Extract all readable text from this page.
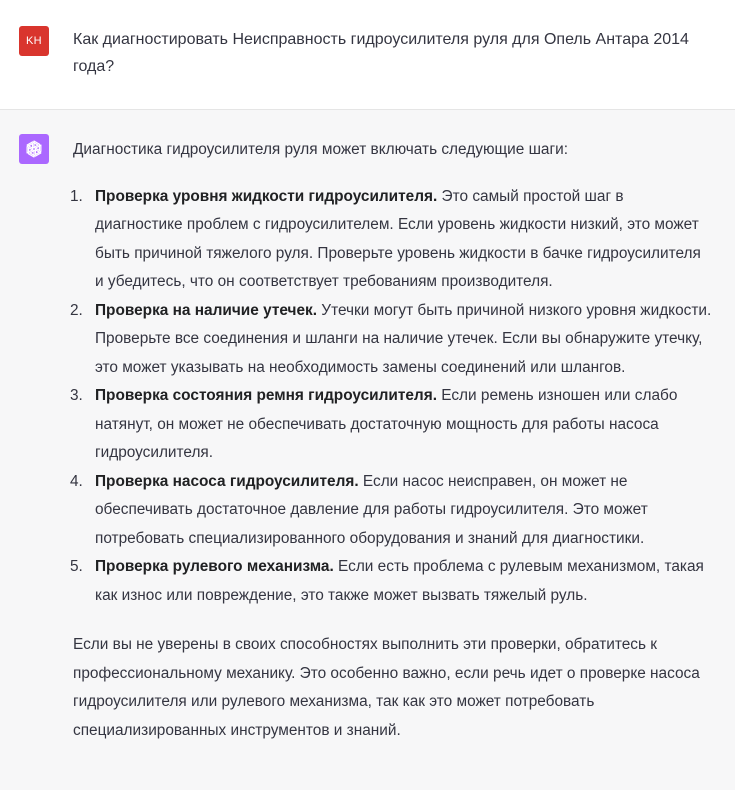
KH Как диагностировать Неисправность гидроусилителя руля для Опель Антара 2014 года?

Диагностика гидроусилителя руля может включать следующие шаги:

1. Проверка уровня жидкости гидроусилителя. Это самый простой шаг в диагностике проблем с гидроусилителем. Если уровень жидкости низкий, это может быть причиной тяжелого руля. Проверьте уровень жидкости в бачке гидроусилителя и убедитесь, что он соответствует требованиям производителя.
2. Проверка на наличие утечек. Утечки могут быть причиной низкого уровня жидкости. Проверьте все соединения и шланги на наличие утечек. Если вы обнаружите утечку, это может указывать на необходимость замены соединений или шлангов.
3. Проверка состояния ремня гидроусилителя. Если ремень изношен или слабо натянут, он может не обеспечивать достаточную мощность для работы насоса гидроусилителя.
4. Проверка насоса гидроусилителя. Если насос неисправен, он может не обеспечивать достаточное давление для работы гидроусилителя. Это может потребовать специализированного оборудования и знаний для диагностики.
5. Проверка рулевого механизма. Если есть проблема с рулевым механизмом, такая как износ или повреждение, это также может вызвать тяжелый руль.

Если вы не уверены в своих способностях выполнить эти проверки, обратитесь к профессиональному механику. Это особенно важно, если речь идет о проверке насоса гидроусилителя или рулевого механизма, так как это может потребовать специализированных инструментов и знаний.
